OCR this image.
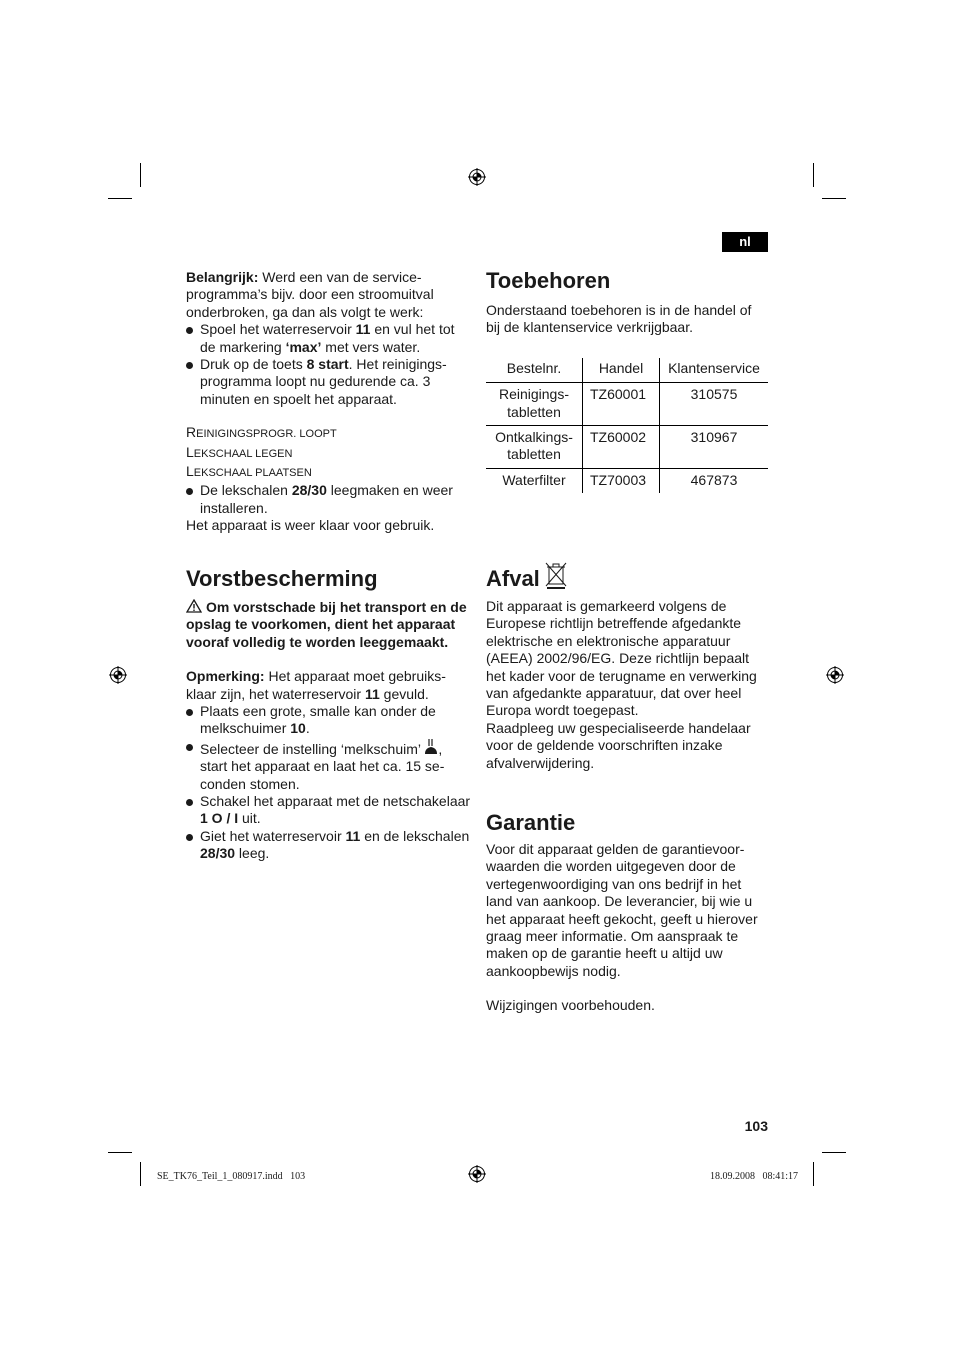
nl

Belangrijk: Werd een van de service-programma’s bijv. door een stroomuitval onderbroken, ga dan als volgt te werk:

Spoel het waterreservoir 11 en vul het tot de markering ‘max’ met vers water.
Druk op de toets 8 start. Het reinigings-programma loopt nu gedurende ca. 3 minuten en spoelt het apparaat.
REINIGINGSPROGR. LOOPT
LEKSCHAAL LEGEN
LEKSCHAAL PLAATSEN
De lekschalen 28/30 leegmaken en weer installeren.

Het apparaat is weer klaar voor gebruik.

Vorstbescherming

Om vorstschade bij het transport en de opslag te voorkomen, dient het apparaat vooraf volledig te worden leeggemaakt.

Opmerking: Het apparaat moet gebruiks-klaar zijn, het waterreservoir 11 gevuld.

Plaats een grote, smalle kan onder de melkschuimer 10.
Selecteer de instelling ‘melkschuim’ , start het apparaat en laat het ca. 15 se-conden stomen.
Schakel het apparaat met de netschakelaar 1 O / I uit.
Giet het waterreservoir 11 en de lekschalen 28/30 leeg.
Toebehoren

Onderstaand toebehoren is in de handel of bij de klantenservice verkrijgbaar.

Bestelnr.	Handel	Klantenservice
Reinigings-tabletten	TZ60001	310575
Ontkalkings-tabletten	TZ60002	310967
Waterfilter	TZ70003	467873
Afval

Dit apparaat is gemarkeerd volgens de Europese richtlijn betreffende afgedankte elektrische en elektronische apparatuur (AEEA) 2002/96/EG. Deze richtlijn bepaalt het kader voor de terugname en verwerking van afgedankte apparatuur, dat over heel Europa wordt toegepast.

Raadpleeg uw gespecialiseerde handelaar voor de geldende voorschriften inzake afvalverwijdering.

Garantie

Voor dit apparaat gelden de garantievoor-waarden die worden uitgegeven door de vertegenwoordiging van ons bedrijf in het land van aankoop. De leverancier, bij wie u het apparaat heeft gekocht, geeft u hierover graag meer informatie. Om aanspraak te maken op de garantie heeft u altijd uw aankoopbewijs nodig.

Wijzigingen voorbehouden.

103
SE_TK76_Teil_1_080917.indd   103	18.09.2008   08:41:17
